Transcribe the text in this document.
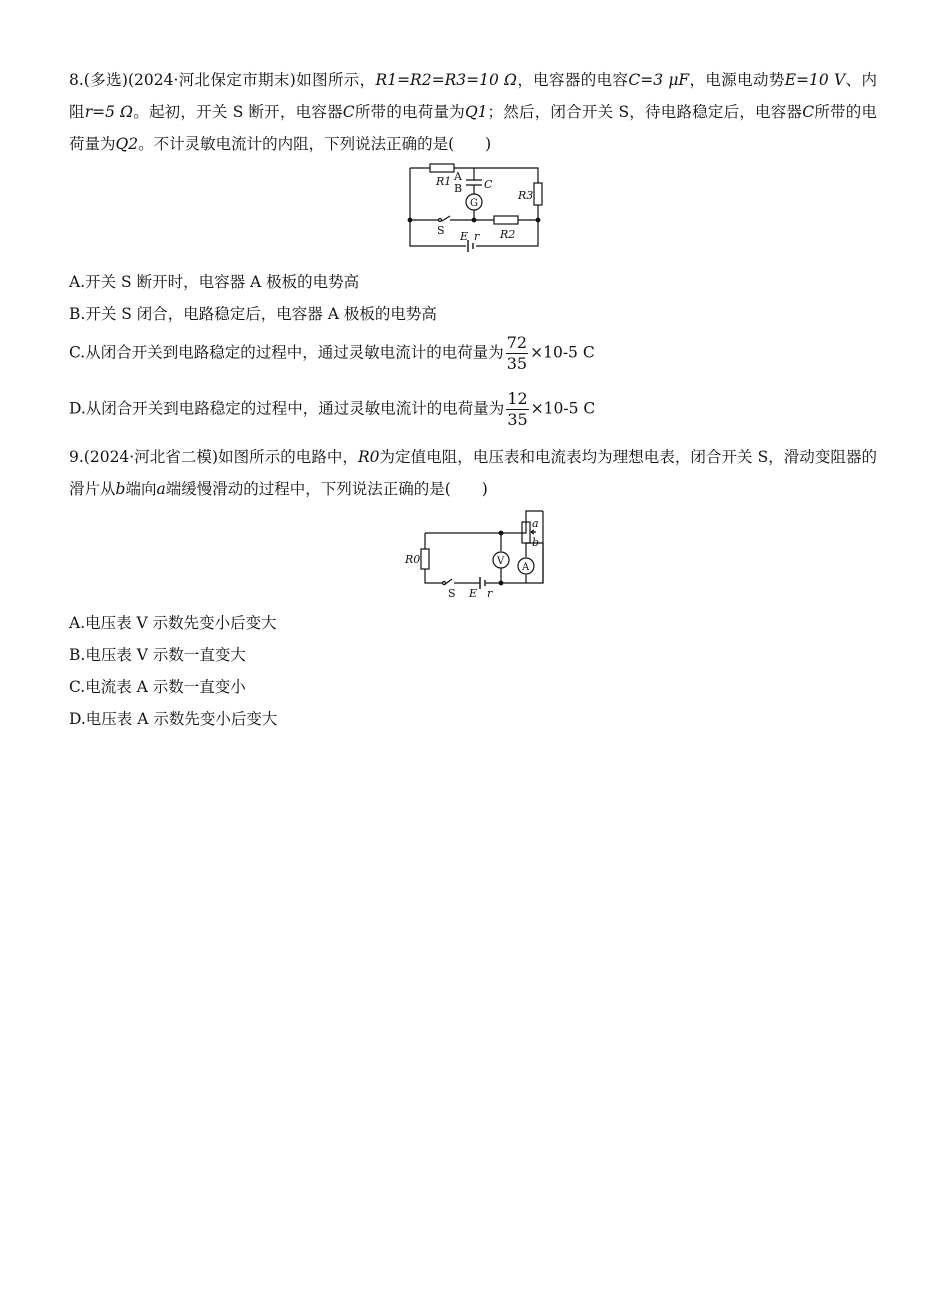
8.(多选)(2024·河北保定市期末)如图所示，R1=R2=R3=10 Ω，电容器的电容C=3 μF，电源电动势E=10 V、内阻r=5 Ω。起初，开关 S 断开，电容器C所带的电荷量为Q1；然后，闭合开关 S，待电路稳定后，电容器C所带的电荷量为Q2。不计灵敏电流计的内阻，下列说法正确的是(　　)

R1 A
B C
G
R3
S E r R2
A.开关 S 断开时，电容器 A 极板的电势高
B.开关 S 闭合，电路稳定后，电容器 A 极板的电势高
C.从闭合开关到电路稳定的过程中，通过灵敏电流计的电荷量为 $\frac{72}{35} \times 10-5$ C
D.从闭合开关到电路稳定的过程中，通过灵敏电流计的电荷量为 $\frac{12}{35} \times 10-5$ C

9.(2024·河北省二模)如图所示的电路中，R0为定值电阻，电压表和电流表均为理想电表，闭合开关 S，滑动变阻器的滑片从b端向a端缓慢滑动的过程中，下列说法正确的是(　　)

R0	V
A
a
b
S E r
A.电压表 V 示数先变小后变大
B.电压表 V 示数一直变大
C.电流表 A 示数一直变小
D.电压表 A 示数先变小后变大
